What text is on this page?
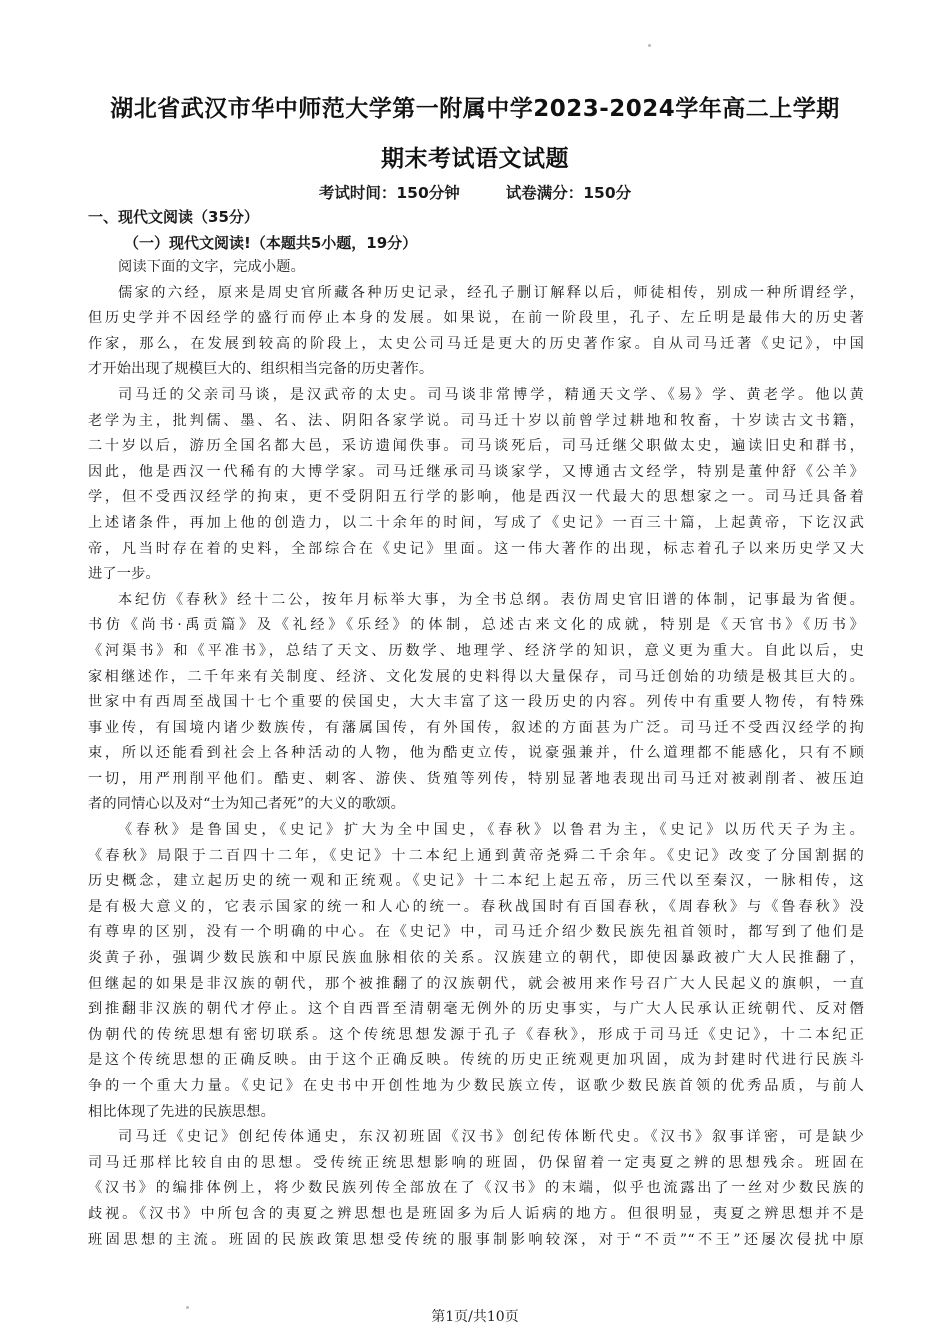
湖北省武汉市华中师范大学第一附属中学2023-2024学年高二上学期
期末考试语文试题
考试时间：150分钟	试卷满分：150分
一、现代文阅读（35分）
（一）现代文阅读!（本题共5小题，19分）
阅读下面的文字，完成小题。
儒家的六经，原来是周史官所藏各种历史记录，经孔子删订解释以后，师徒相传，别成一种所谓经学，
但历史学并不因经学的盛行而停止本身的发展。如果说，在前一阶段里，孔子、左丘明是最伟大的历史著
作家，那么，在发展到较高的阶段上，太史公司马迁是更大的历史著作家。自从司马迁著《史记》，中国
才开始出现了规模巨大的、组织相当完备的历史著作。
司马迁的父亲司马谈，是汉武帝的太史。司马谈非常博学，精通天文学、《易》学、黄老学。他以黄
老学为主，批判儒、墨、名、法、阴阳各家学说。司马迁十岁以前曾学过耕地和牧畜，十岁读古文书籍，
二十岁以后，游历全国名都大邑，采访遗闻佚事。司马谈死后，司马迁继父职做太史，遍读旧史和群书，
因此，他是西汉一代稀有的大博学家。司马迁继承司马谈家学，又博通古文经学，特别是董仲舒《公羊》
学，但不受西汉经学的拘束，更不受阴阳五行学的影响，他是西汉一代最大的思想家之一。司马迁具备着
上述诸条件，再加上他的创造力，以二十余年的时间，写成了《史记》一百三十篇，上起黄帝，下讫汉武
帝，凡当时存在着的史料，全部综合在《史记》里面。这一伟大著作的出现，标志着孔子以来历史学又大
进了一步。
本纪仿《春秋》经十二公，按年月标举大事，为全书总纲。表仿周史官旧谱的体制，记事最为省便。
书仿《尚书·禹贡篇》及《礼经》《乐经》的体制，总述古来文化的成就，特别是《天官书》《历书》
《河渠书》和《平准书》，总结了天文、历数学、地理学、经济学的知识，意义更为重大。自此以后，史
家相继述作，二千年来有关制度、经济、文化发展的史料得以大量保存，司马迁创始的功绩是极其巨大的。
世家中有西周至战国十七个重要的侯国史，大大丰富了这一段历史的内容。列传中有重要人物传，有特殊
事业传，有国境内诸少数族传，有藩属国传，有外国传，叙述的方面甚为广泛。司马迁不受西汉经学的拘
束，所以还能看到社会上各种活动的人物，他为酷吏立传，说豪强兼并，什么道理都不能感化，只有不顾
一切，用严刑削平他们。酷吏、刺客、游侠、货殖等列传，特别显著地表现出司马迁对被剥削者、被压迫
者的同情心以及对“士为知己者死”的大义的歌颂。
《春秋》是鲁国史，《史记》扩大为全中国史，《春秋》以鲁君为主，《史记》以历代天子为主。
《春秋》局限于二百四十二年，《史记》十二本纪上通到黄帝尧舜二千余年。《史记》改变了分国割据的
历史概念，建立起历史的统一观和正统观。《史记》十二本纪上起五帝，历三代以至秦汉，一脉相传，这
是有极大意义的，它表示国家的统一和人心的统一。春秋战国时有百国春秋，《周春秋》与《鲁春秋》没
有尊卑的区别，没有一个明确的中心。在《史记》中，司马迁介绍少数民族先祖首领时，都写到了他们是
炎黄子孙，强调少数民族和中原民族血脉相依的关系。汉族建立的朝代，即使因暴政被广大人民推翻了，
但继起的如果是非汉族的朝代，那个被推翻了的汉族朝代，就会被用来作号召广大人民起义的旗帜，一直
到推翻非汉族的朝代才停止。这个自西晋至清朝毫无例外的历史事实，与广大人民承认正统朝代、反对僭
伪朝代的传统思想有密切联系。这个传统思想发源于孔子《春秋》，形成于司马迁《史记》，十二本纪正
是这个传统思想的正确反映。由于这个正确反映。传统的历史正统观更加巩固，成为封建时代进行民族斗
争的一个重大力量。《史记》在史书中开创性地为少数民族立传，讴歌少数民族首领的优秀品质，与前人
相比体现了先进的民族思想。
司马迁《史记》创纪传体通史，东汉初班固《汉书》创纪传体断代史。《汉书》叙事详密，可是缺少
司马迁那样比较自由的思想。受传统正统思想影响的班固，仍保留着一定夷夏之辨的思想残余。班固在
《汉书》的编排体例上，将少数民族列传全部放在了《汉书》的末端，似乎也流露出了一丝对少数民族的
歧视。《汉书》中所包含的夷夏之辨思想也是班固多为后人诟病的地方。但很明显，夷夏之辨思想并不是
班固思想的主流。班固的民族政策思想受传统的服事制影响较深，对于“不贡”“不王”还屡次侵扰中原
第1页/共10页
